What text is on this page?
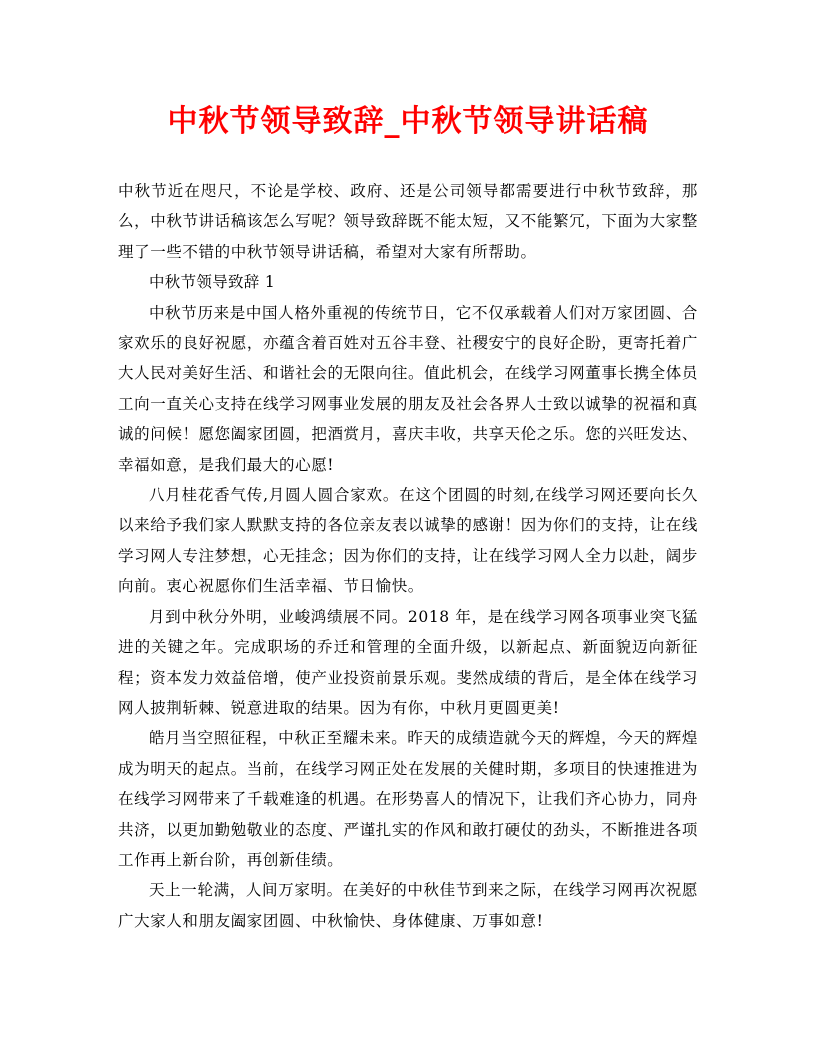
中秋节领导致辞_中秋节领导讲话稿

中秋节近在咫尺，不论是学校、政府、还是公司领导都需要进行中秋节致辞，那么，中秋节讲话稿该怎么写呢？领导致辞既不能太短，又不能繁冗，下面为大家整理了一些不错的中秋节领导讲话稿，希望对大家有所帮助。

中秋节领导致辞 1

中秋节历来是中国人格外重视的传统节日，它不仅承载着人们对万家团圆、合家欢乐的良好祝愿，亦蕴含着百姓对五谷丰登、社稷安宁的良好企盼，更寄托着广大人民对美好生活、和谐社会的无限向往。值此机会，在线学习网董事长携全体员工向一直关心支持在线学习网事业发展的朋友及社会各界人士致以诚挚的祝福和真诚的问候！愿您阖家团圆，把酒赏月，喜庆丰收，共享天伦之乐。您的兴旺发达、幸福如意，是我们最大的心愿!

八月桂花香气传,月圆人圆合家欢。在这个团圆的时刻,在线学习网还要向长久以来给予我们家人默默支持的各位亲友表以诚挚的感谢！因为你们的支持，让在线学习网人专注梦想，心无挂念；因为你们的支持，让在线学习网人全力以赴，阔步向前。衷心祝愿你们生活幸福、节日愉快。

月到中秋分外明，业峻鸿绩展不同。2018 年，是在线学习网各项事业突飞猛进的关键之年。完成职场的乔迁和管理的全面升级，以新起点、新面貌迈向新征程；资本发力效益倍增，使产业投资前景乐观。斐然成绩的背后，是全体在线学习网人披荆斩棘、锐意进取的结果。因为有你，中秋月更圆更美!

皓月当空照征程，中秋正至耀未来。昨天的成绩造就今天的辉煌，今天的辉煌成为明天的起点。当前，在线学习网正处在发展的关健时期，多项目的快速推进为在线学习网带来了千载难逢的机遇。在形势喜人的情况下，让我们齐心协力，同舟共济，以更加勤勉敬业的态度、严谨扎实的作风和敢打硬仗的劲头，不断推进各项工作再上新台阶，再创新佳绩。

天上一轮满，人间万家明。在美好的中秋佳节到来之际，在线学习网再次祝愿广大家人和朋友阖家团圆、中秋愉快、身体健康、万事如意!
